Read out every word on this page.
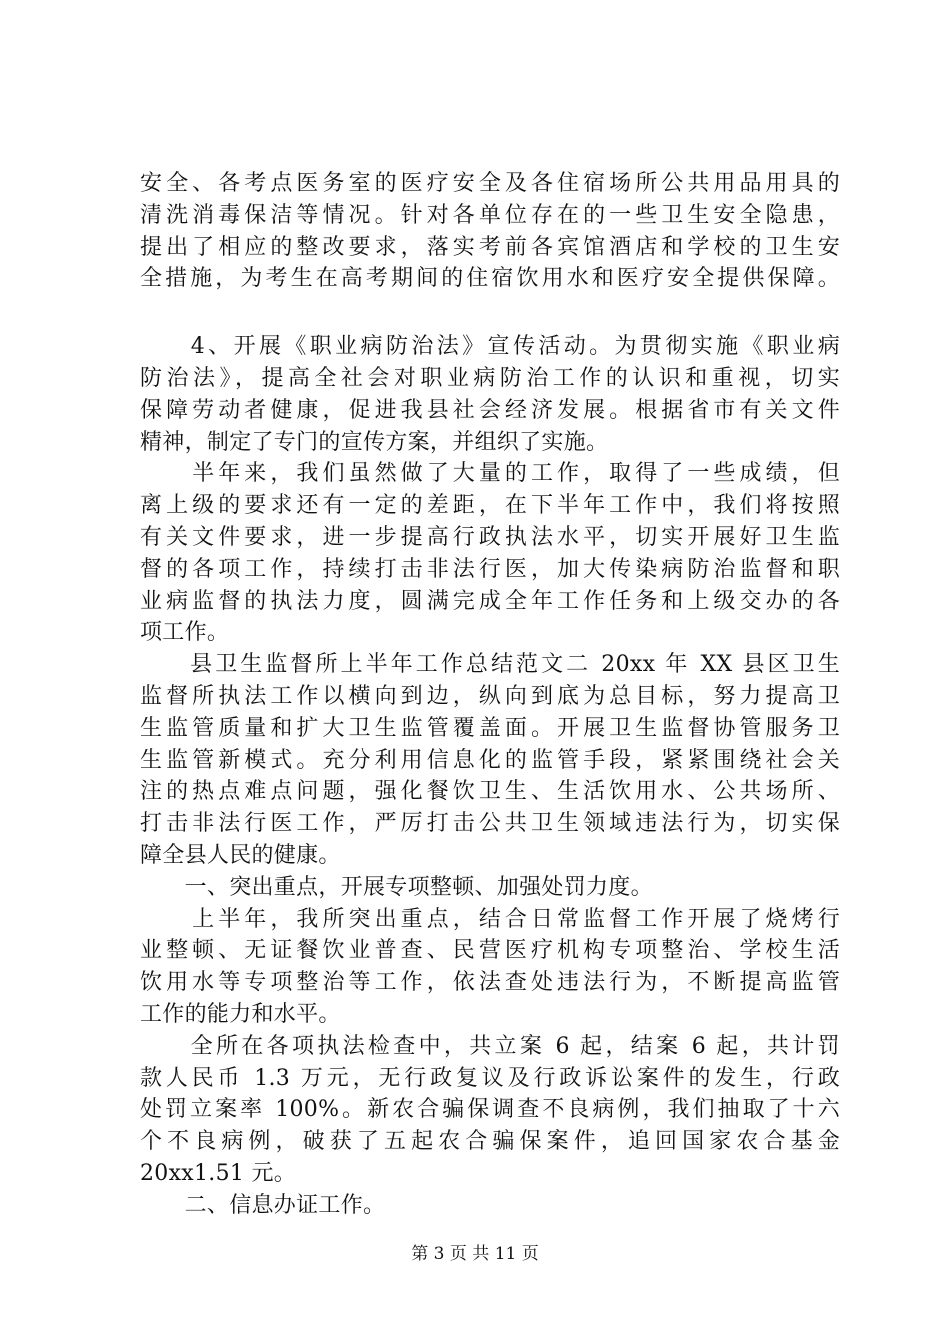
安全、各考点医务室的医疗安全及各住宿场所公共用品用具的
清洗消毒保洁等情况。针对各单位存在的一些卫生安全隐患，
提出了相应的整改要求，落实考前各宾馆酒店和学校的卫生安
全措施，为考生在高考期间的住宿饮用水和医疗安全提供保障。
　　4、开展《职业病防治法》宣传活动。为贯彻实施《职业病
防治法》，提高全社会对职业病防治工作的认识和重视，切实
保障劳动者健康，促进我县社会经济发展。根据省市有关文件
精神，制定了专门的宣传方案，并组织了实施。
　　半年来，我们虽然做了大量的工作，取得了一些成绩，但
离上级的要求还有一定的差距，在下半年工作中，我们将按照
有关文件要求，进一步提高行政执法水平，切实开展好卫生监
督的各项工作，持续打击非法行医，加大传染病防治监督和职
业病监督的执法力度，圆满完成全年工作任务和上级交办的各
项工作。
　　县卫生监督所上半年工作总结范文二 20xx 年 XX 县区卫生
监督所执法工作以横向到边，纵向到底为总目标，努力提高卫
生监管质量和扩大卫生监管覆盖面。开展卫生监督协管服务卫
生监管新模式。充分利用信息化的监管手段，紧紧围绕社会关
注的热点难点问题，强化餐饮卫生、生活饮用水、公共场所、
打击非法行医工作，严厉打击公共卫生领域违法行为，切实保
障全县人民的健康。
　　一、突出重点，开展专项整顿、加强处罚力度。
　　上半年，我所突出重点，结合日常监督工作开展了烧烤行
业整顿、无证餐饮业普查、民营医疗机构专项整治、学校生活
饮用水等专项整治等工作，依法查处违法行为，不断提高监管
工作的能力和水平。
　　全所在各项执法检查中，共立案 6 起，结案 6 起，共计罚
款人民币 1.3 万元，无行政复议及行政诉讼案件的发生，行政
处罚立案率 100%。新农合骗保调查不良病例，我们抽取了十六
个不良病例，破获了五起农合骗保案件，追回国家农合基金
20xx1.51 元。
　　二、信息办证工作。
第 3 页 共 11 页
